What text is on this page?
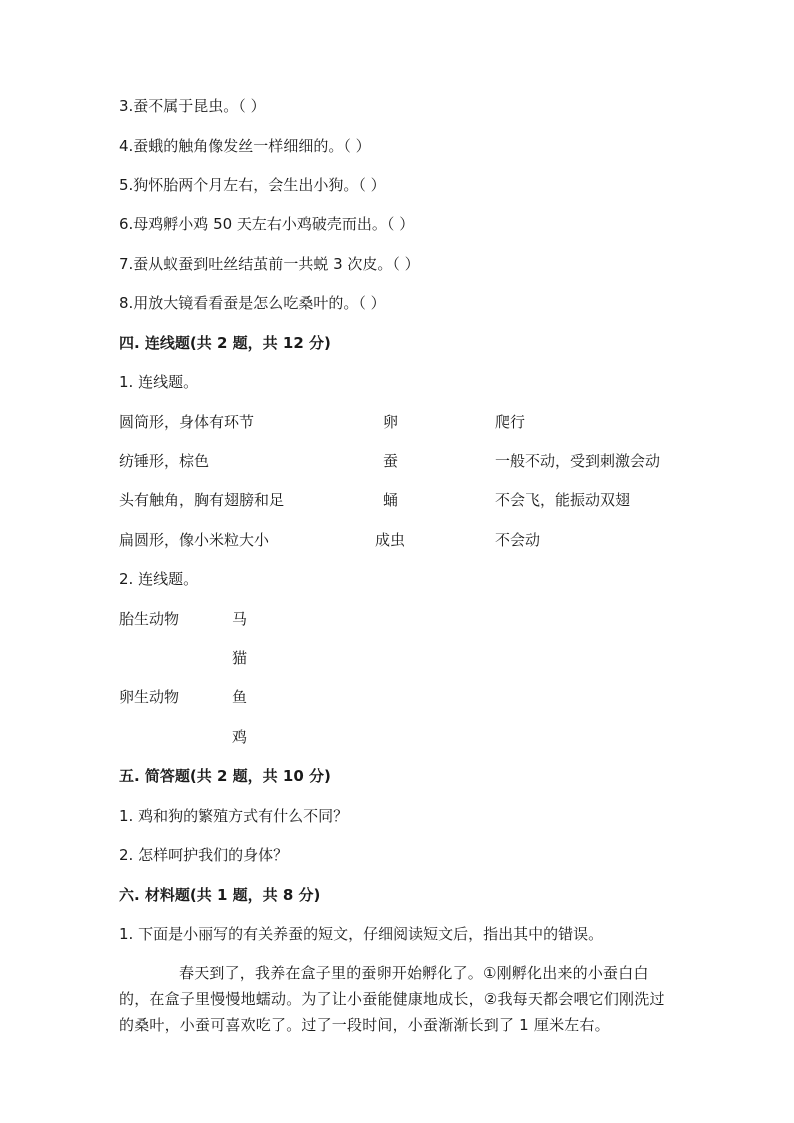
3.蚕不属于昆虫。（ ）
4.蚕蛾的触角像发丝一样细细的。（ ）
5.狗怀胎两个月左右，会生出小狗。（ ）
6.母鸡孵小鸡 50 天左右小鸡破壳而出。（ ）
7.蚕从蚁蚕到吐丝结茧前一共蜕 3 次皮。（ ）
8.用放大镜看看蚕是怎么吃桑叶的。（ ）
四. 连线题(共 2 题，共 12 分)
1. 连线题。
圆筒形，身体有环节	卵	爬行
纺锤形，棕色	蚕	一般不动，受到刺激会动
头有触角，胸有翅膀和足	蛹	不会飞，能振动双翅
扁圆形，像小米粒大小	成虫	不会动
2. 连线题。
胎生动物	马
猫
卵生动物	鱼
鸡
五. 简答题(共 2 题，共 10 分)
1. 鸡和狗的繁殖方式有什么不同？
2. 怎样呵护我们的身体？
六. 材料题(共 1 题，共 8 分)
1. 下面是小丽写的有关养蚕的短文，仔细阅读短文后，指出其中的错误。
春天到了，我养在盒子里的蚕卵开始孵化了。①刚孵化出来的小蚕白白的，在盒子里慢慢地蠕动。为了让小蚕能健康地成长，②我每天都会喂它们刚洗过的桑叶，小蚕可喜欢吃了。过了一段时间，小蚕渐渐长到了 1 厘米左右。
